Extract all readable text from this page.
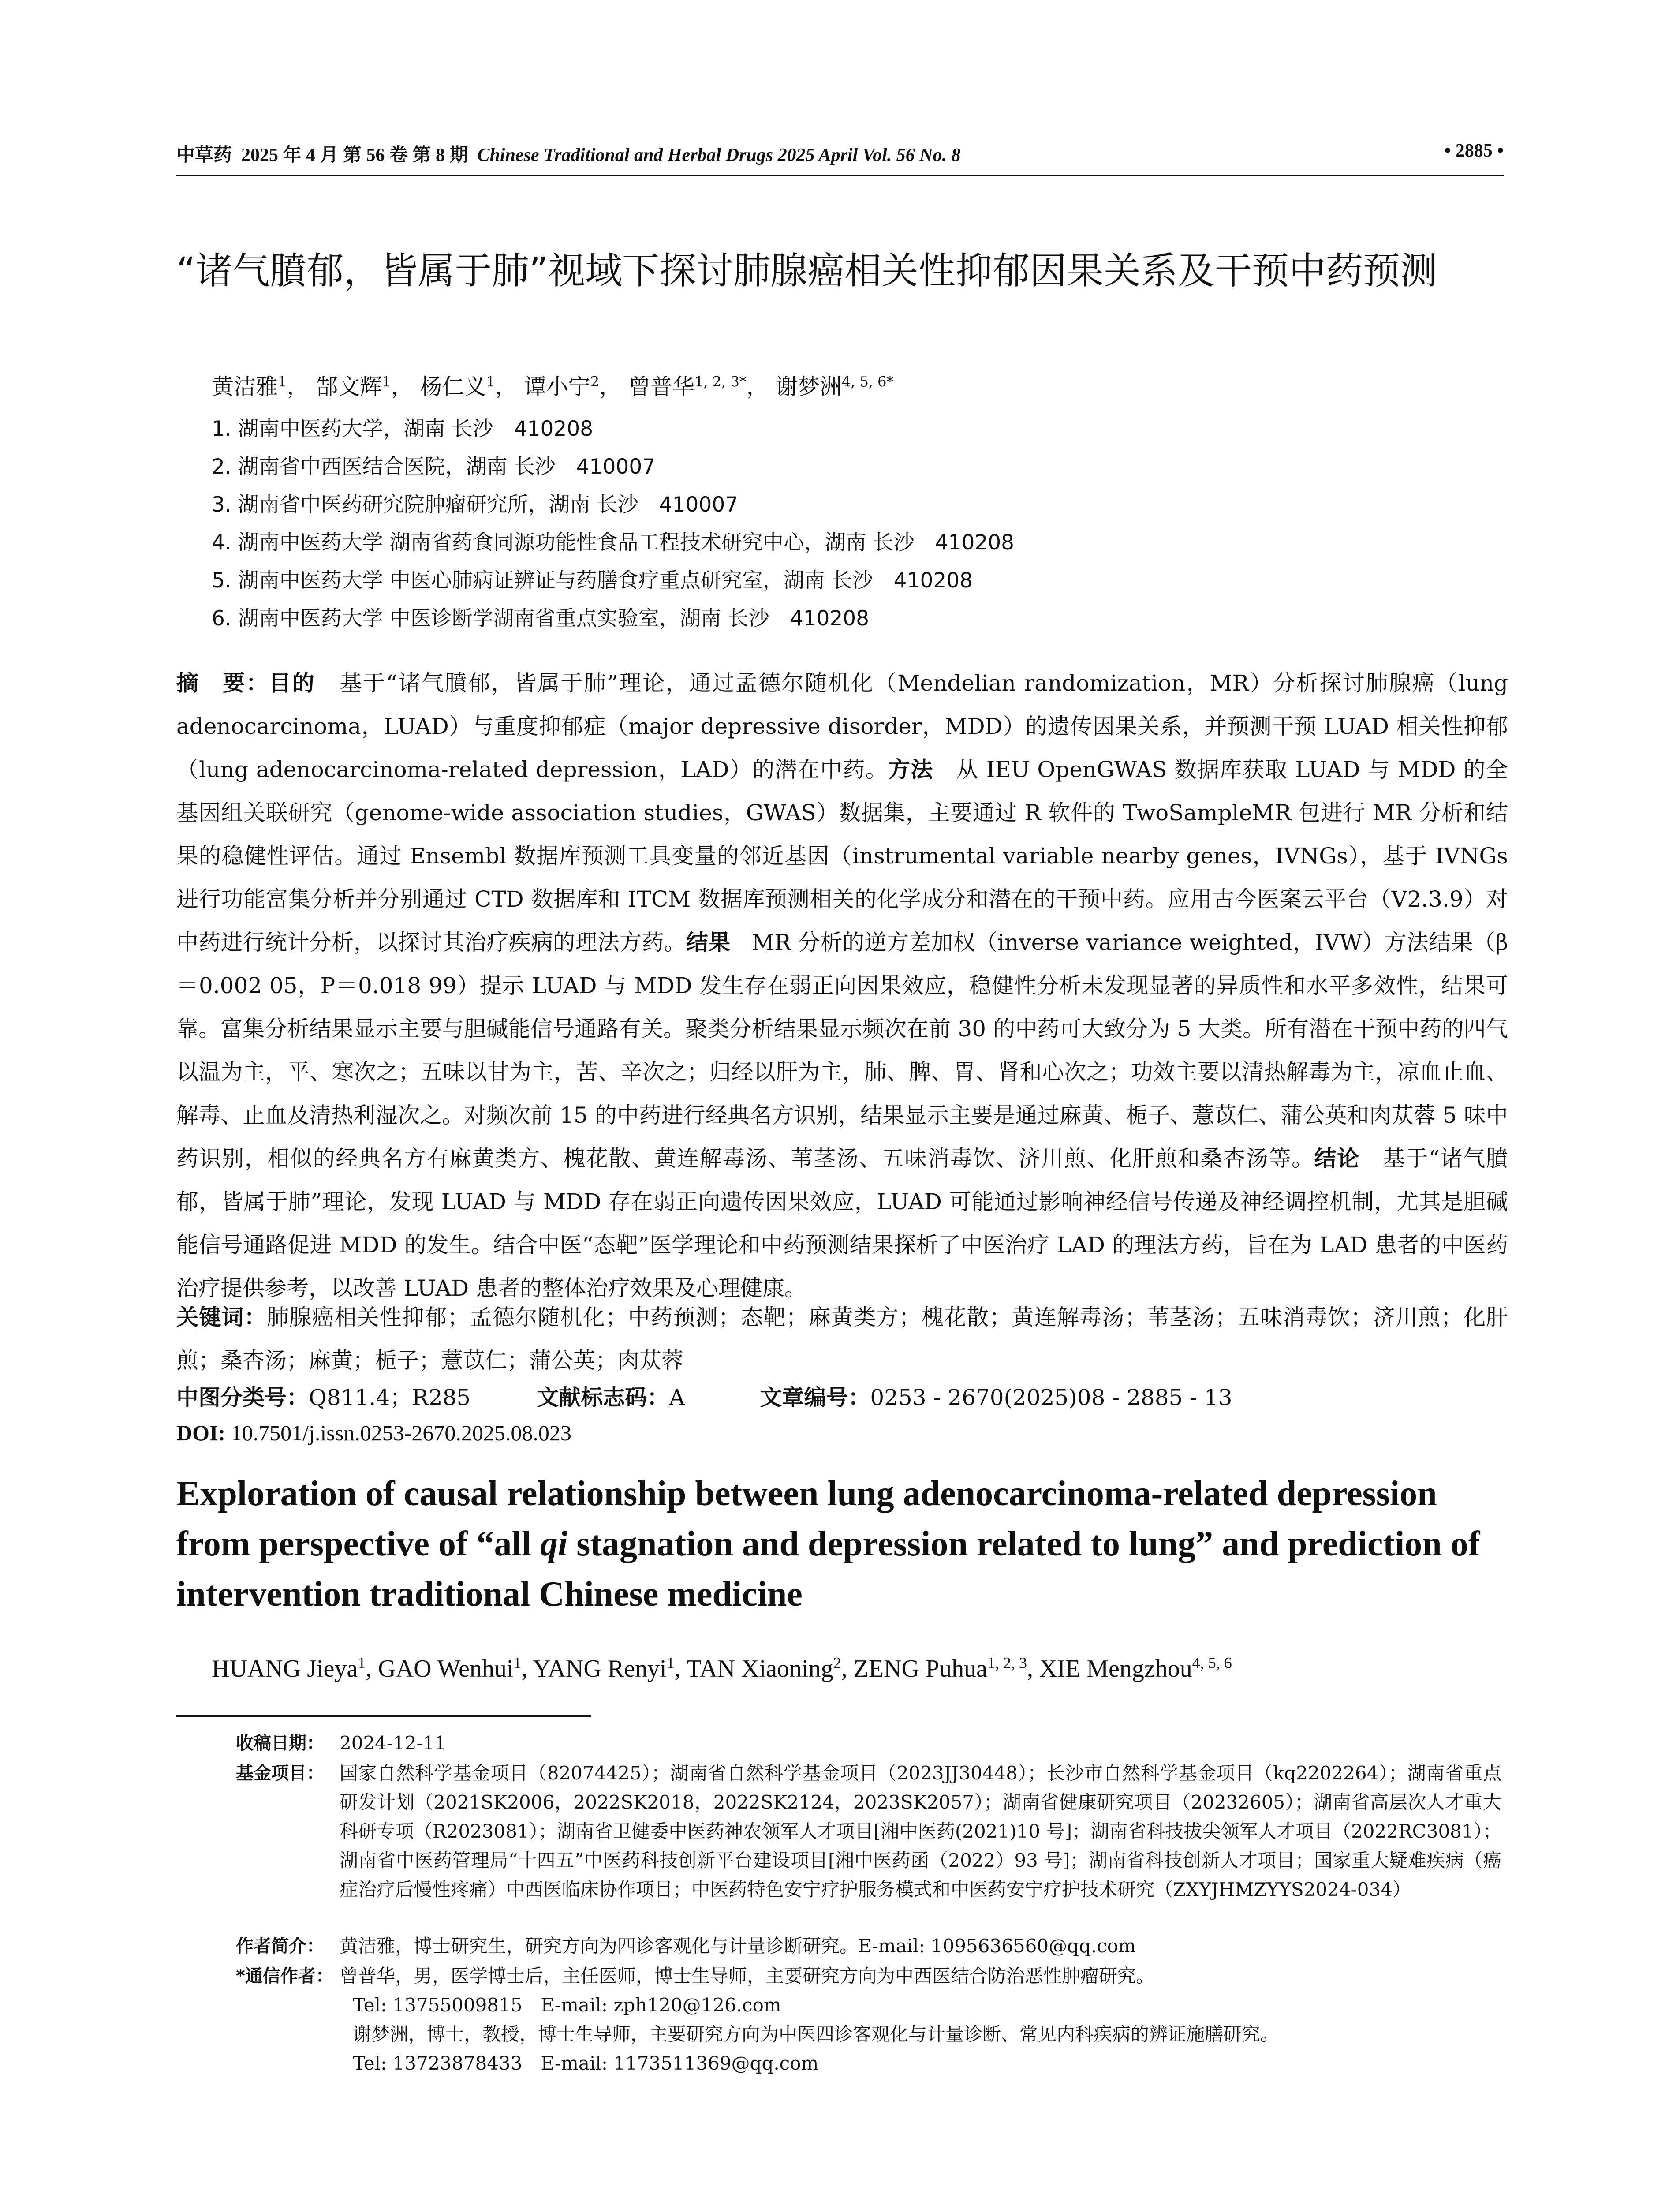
中草药 2025 年 4 月 第 56 卷 第 8 期 Chinese Traditional and Herbal Drugs 2025 April Vol. 56 No. 8	• 2885 •
“诸气膹郁，皆属于肺”视域下探讨肺腺癌相关性抑郁因果关系及干预中药预测
黄洁雅$^1$， 郜文辉$^1$， 杨仁义$^1$， 谭小宁$^2$， 曾普华$^{1, 2, 3*}$， 谢梦洲$^{4, 5, 6*}$
1. 湖南中医药大学，湖南 长沙　410208
2. 湖南省中西医结合医院，湖南 长沙　410007
3. 湖南省中医药研究院肿瘤研究所，湖南 长沙　410007
4. 湖南中医药大学 湖南省药食同源功能性食品工程技术研究中心，湖南 长沙　410208
5. 湖南中医药大学 中医心肺病证辨证与药膳食疗重点研究室，湖南 长沙　410208
6. 湖南中医药大学 中医诊断学湖南省重点实验室，湖南 长沙　410208
摘　要：目的 基于“诸气膹郁，皆属于肺”理论，通过孟德尔随机化（Mendelian randomization，MR）分析探讨肺腺癌（lung adenocarcinoma，LUAD）与重度抑郁症（major depressive disorder，MDD）的遗传因果关系，并预测干预 LUAD 相关性抑郁（lung adenocarcinoma-related depression，LAD）的潜在中药。方法 从 IEU OpenGWAS 数据库获取 LUAD 与 MDD 的全基因组关联研究（genome-wide association studies，GWAS）数据集，主要通过 R 软件的 TwoSampleMR 包进行 MR 分析和结果的稳健性评估。通过 Ensembl 数据库预测工具变量的邻近基因（instrumental variable nearby genes，IVNGs），基于 IVNGs 进行功能富集分析并分别通过 CTD 数据库和 ITCM 数据库预测相关的化学成分和潜在的干预中药。应用古今医案云平台（V2.3.9）对中药进行统计分析，以探讨其治疗疾病的理法方药。结果 MR 分析的逆方差加权（inverse variance weighted，IVW）方法结果（β＝0.002 05，P＝0.018 99）提示 LUAD 与 MDD 发生存在弱正向因果效应，稳健性分析未发现显著的异质性和水平多效性，结果可靠。富集分析结果显示主要与胆碱能信号通路有关。聚类分析结果显示频次在前 30 的中药可大致分为 5 大类。所有潜在干预中药的四气以温为主，平、寒次之；五味以甘为主，苦、辛次之；归经以肝为主，肺、脾、胃、肾和心次之；功效主要以清热解毒为主，凉血止血、解毒、止血及清热利湿次之。对频次前 15 的中药进行经典名方识别，结果显示主要是通过麻黄、栀子、薏苡仁、蒲公英和肉苁蓉 5 味中药识别，相似的经典名方有麻黄类方、槐花散、黄连解毒汤、苇茎汤、五味消毒饮、济川煎、化肝煎和桑杏汤等。结论 基于“诸气膹郁，皆属于肺”理论，发现 LUAD 与 MDD 存在弱正向遗传因果效应，LUAD 可能通过影响神经信号传递及神经调控机制，尤其是胆碱能信号通路促进 MDD 的发生。结合中医“态靶”医学理论和中药预测结果探析了中医治疗 LAD 的理法方药，旨在为 LAD 患者的中医药治疗提供参考，以改善 LUAD 患者的整体治疗效果及心理健康。
关键词：肺腺癌相关性抑郁；孟德尔随机化；中药预测；态靶；麻黄类方；槐花散；黄连解毒汤；苇茎汤；五味消毒饮；济川煎；化肝煎；桑杏汤；麻黄；栀子；薏苡仁；蒲公英；肉苁蓉
中图分类号：Q811.4；R285	文献标志码：A	文章编号：0253 - 2670(2025)08 - 2885 - 13
DOI: 10.7501/j.issn.0253-2670.2025.08.023
Exploration of causal relationship between lung adenocarcinoma-related depression from perspective of “all qi stagnation and depression related to lung” and prediction of intervention traditional Chinese medicine
HUANG Jieya$^1$, GAO Wenhui$^1$, YANG Renyi$^1$, TAN Xiaoning$^2$, ZENG Puhua$^{1, 2, 3}$, XIE Mengzhou$^{4, 5, 6}$
收稿日期： 2024-12-11
基金项目： 国家自然科学基金项目（82074425）；湖南省自然科学基金项目（2023JJ30448）；长沙市自然科学基金项目（kq2202264）；湖南省重点研发计划（2021SK2006，2022SK2018，2022SK2124，2023SK2057）；湖南省健康研究项目（20232605）；湖南省高层次人才重大科研专项（R2023081）；湖南省卫健委中医药神农领军人才项目[湘中医药(2021)10 号]；湖南省科技拔尖领军人才项目（2022RC3081）；湖南省中医药管理局“十四五”中医药科技创新平台建设项目[湘中医药函（2022）93 号]；湖南省科技创新人才项目；国家重大疑难疾病（癌症治疗后慢性疼痛）中西医临床协作项目；中医药特色安宁疗护服务模式和中医药安宁疗护技术研究（ZXYJHMZYYS2024-034）
作者简介： 黄洁雅，博士研究生，研究方向为四诊客观化与计量诊断研究。E-mail: 1095636560@qq.com
*通信作者： 曾普华，男，医学博士后，主任医师，博士生导师，主要研究方向为中西医结合防治恶性肿瘤研究。
Tel: 13755009815　E-mail: zph120@126.com
谢梦洲，博士，教授，博士生导师，主要研究方向为中医四诊客观化与计量诊断、常见内科疾病的辨证施膳研究。
Tel: 13723878433　E-mail: 1173511369@qq.com
